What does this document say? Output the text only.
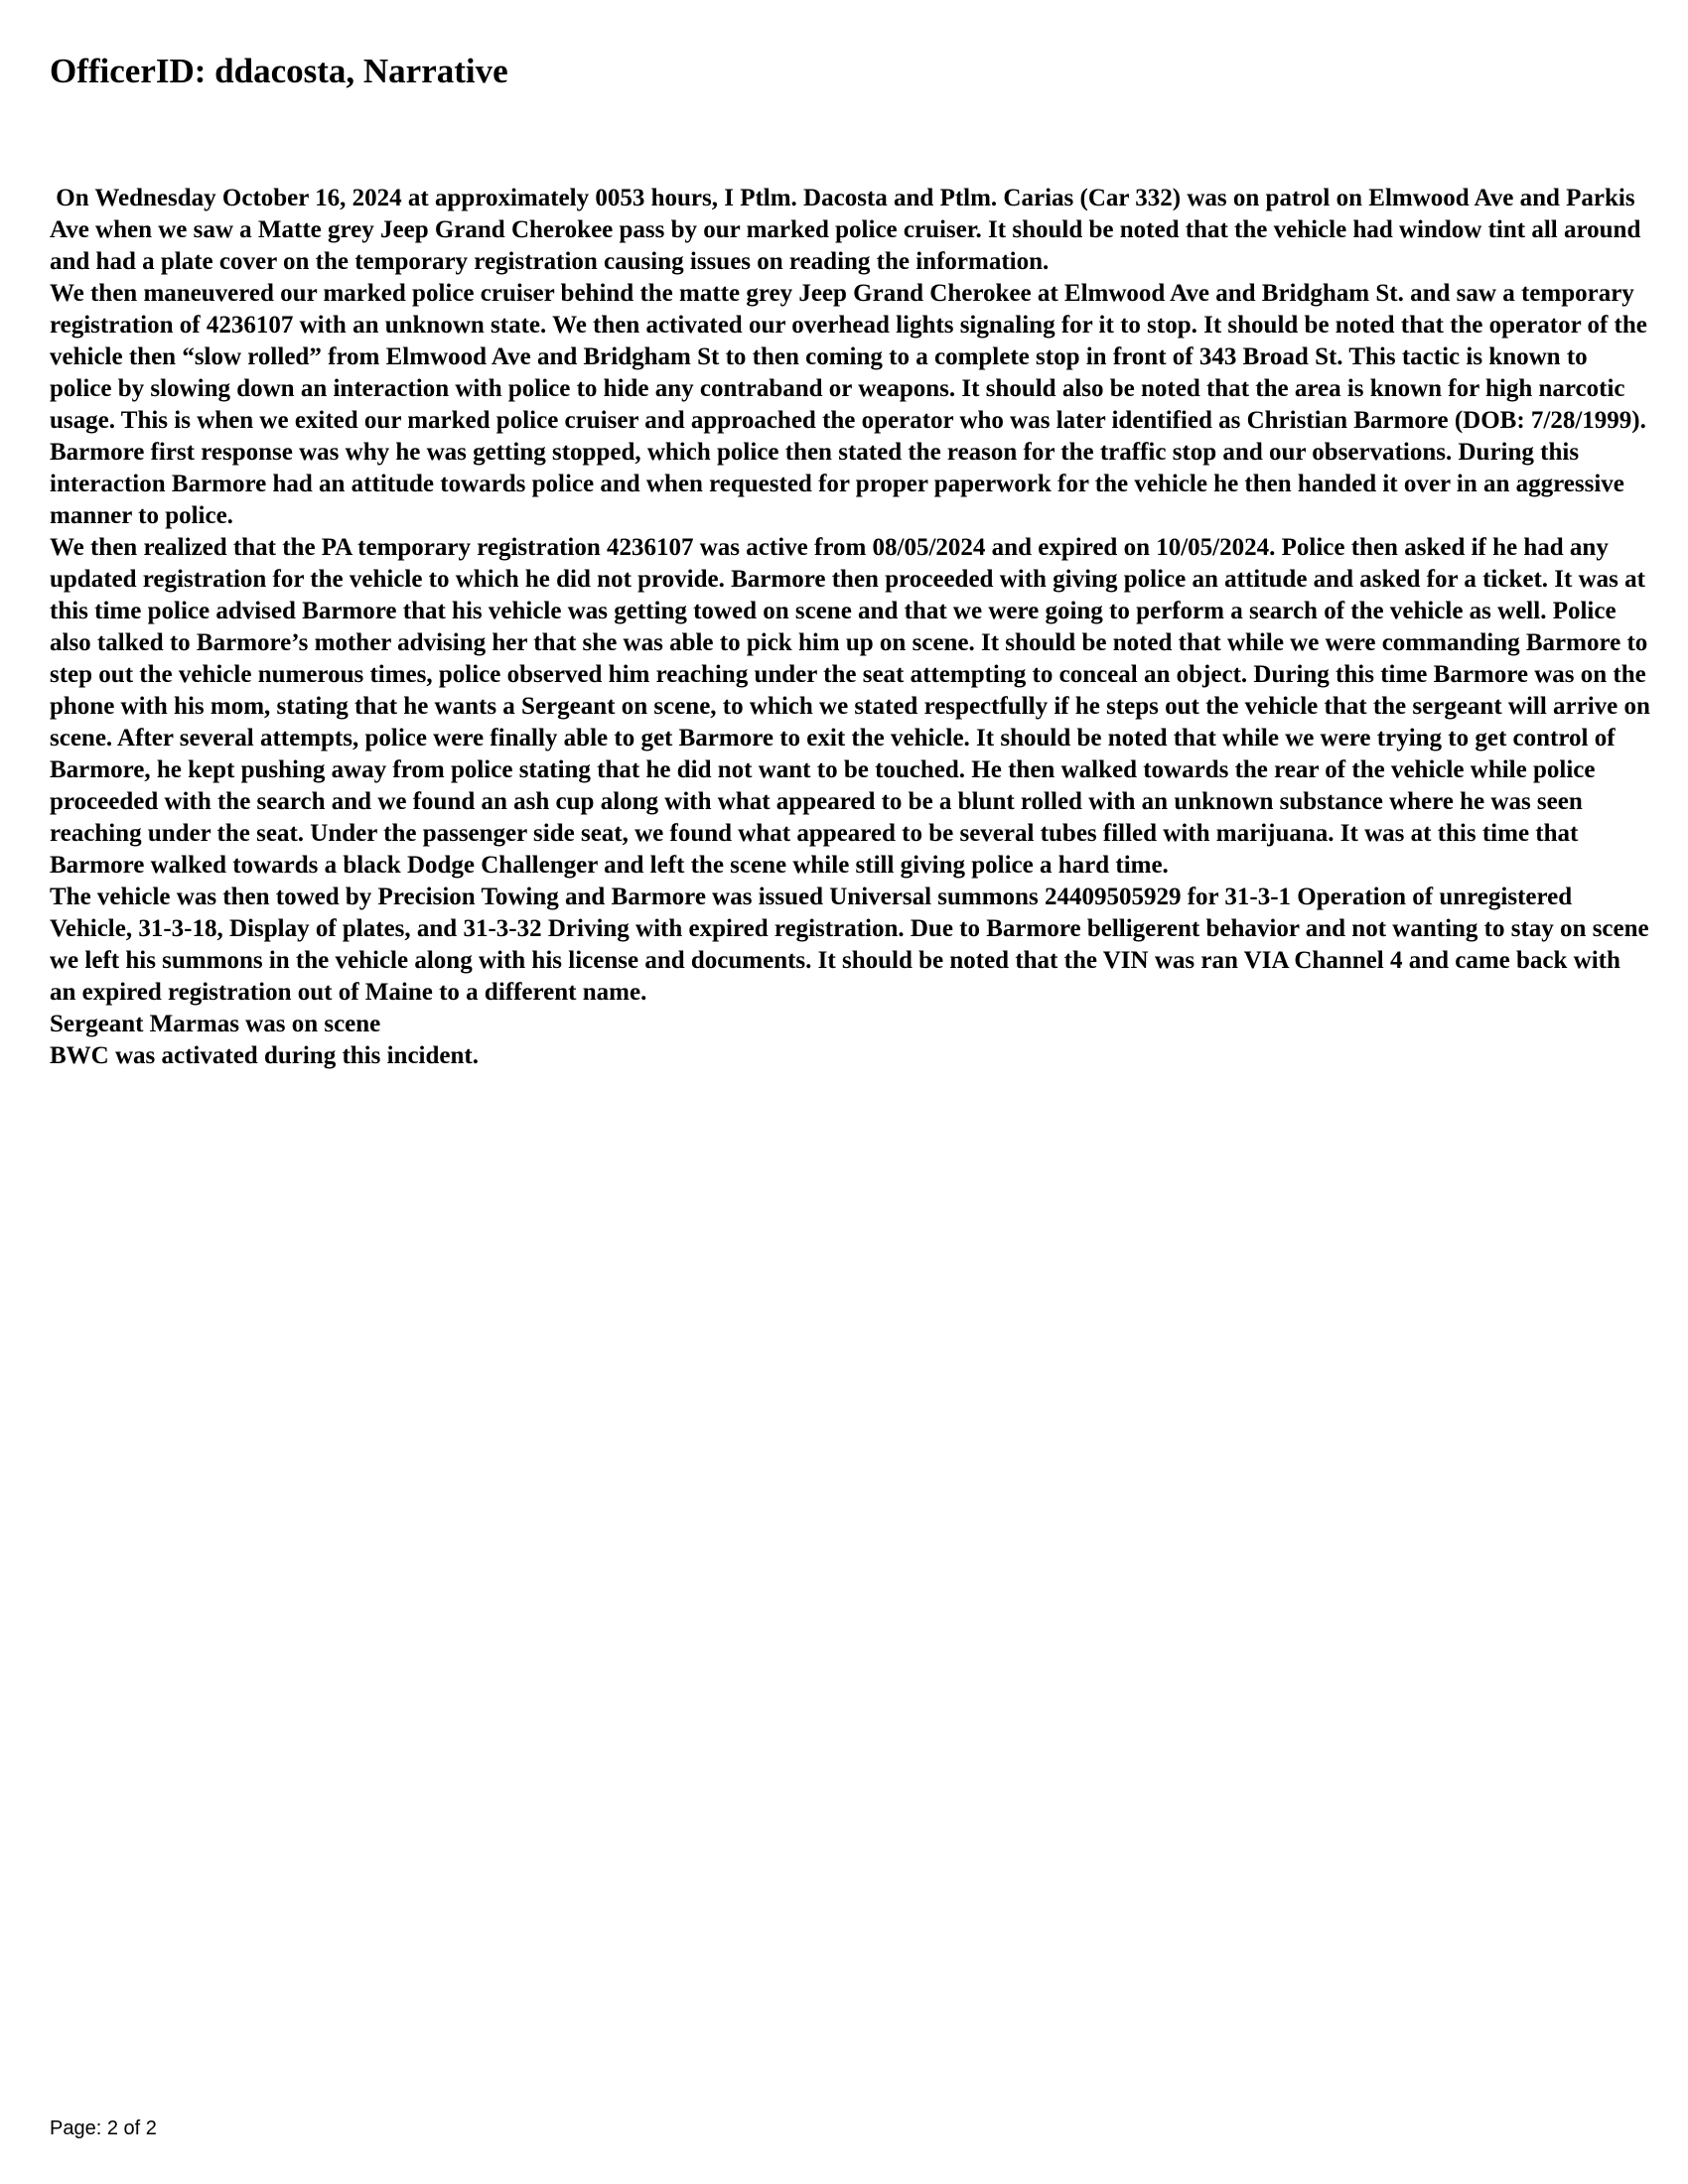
OfficerID: ddacosta, Narrative

On Wednesday October 16, 2024 at approximately 0053 hours, I Ptlm. Dacosta and Ptlm. Carias (Car 332) was on patrol on Elmwood Ave and Parkis Ave when we saw a Matte grey Jeep Grand Cherokee pass by our marked police cruiser. It should be noted that the vehicle had window tint all around and had a plate cover on the temporary registration causing issues on reading the information.

We then maneuvered our marked police cruiser behind the matte grey Jeep Grand Cherokee at Elmwood Ave and Bridgham St. and saw a temporary registration of 4236107 with an unknown state. We then activated our overhead lights signaling for it to stop. It should be noted that the operator of the vehicle then “slow rolled” from Elmwood Ave and Bridgham St to then coming to a complete stop in front of 343 Broad St. This tactic is known to police by slowing down an interaction with police to hide any contraband or weapons. It should also be noted that the area is known for high narcotic usage. This is when we exited our marked police cruiser and approached the operator who was later identified as Christian Barmore (DOB: 7/28/1999). Barmore first response was why he was getting stopped, which police then stated the reason for the traffic stop and our observations. During this interaction Barmore had an attitude towards police and when requested for proper paperwork for the vehicle he then handed it over in an aggressive manner to police.

We then realized that the PA temporary registration 4236107 was active from 08/05/2024 and expired on 10/05/2024. Police then asked if he had any updated registration for the vehicle to which he did not provide. Barmore then proceeded with giving police an attitude and asked for a ticket. It was at this time police advised Barmore that his vehicle was getting towed on scene and that we were going to perform a search of the vehicle as well. Police also talked to Barmore’s mother advising her that she was able to pick him up on scene. It should be noted that while we were commanding Barmore to step out the vehicle numerous times, police observed him reaching under the seat attempting to conceal an object. During this time Barmore was on the phone with his mom, stating that he wants a Sergeant on scene, to which we stated respectfully if he steps out the vehicle that the sergeant will arrive on scene. After several attempts, police were finally able to get Barmore to exit the vehicle. It should be noted that while we were trying to get control of Barmore, he kept pushing away from police stating that he did not want to be touched. He then walked towards the rear of the vehicle while police proceeded with the search and we found an ash cup along with what appeared to be a blunt rolled with an unknown substance where he was seen reaching under the seat. Under the passenger side seat, we found what appeared to be several tubes filled with marijuana. It was at this time that Barmore walked towards a black Dodge Challenger and left the scene while still giving police a hard time.

The vehicle was then towed by Precision Towing and Barmore was issued Universal summons 24409505929 for 31-3-1 Operation of unregistered Vehicle, 31-3-18, Display of plates, and 31-3-32 Driving with expired registration. Due to Barmore belligerent behavior and not wanting to stay on scene we left his summons in the vehicle along with his license and documents. It should be noted that the VIN was ran VIA Channel 4 and came back with an expired registration out of Maine to a different name.

Sergeant Marmas was on scene

BWC was activated during this incident.

Page: 2 of 2
